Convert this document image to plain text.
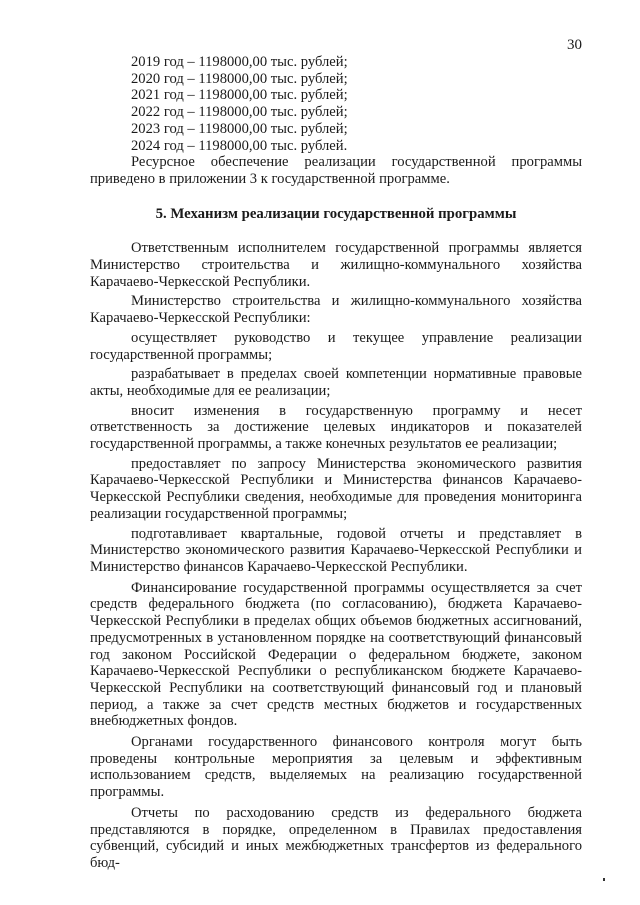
30
2019 год – 1198000,00 тыс. рублей;
2020 год – 1198000,00 тыс. рублей;
2021 год – 1198000,00 тыс. рублей;
2022 год – 1198000,00 тыс. рублей;
2023 год – 1198000,00 тыс. рублей;
2024 год – 1198000,00 тыс. рублей.

Ресурсное обеспечение реализации государственной программы приведено в приложении 3 к государственной программе.

5. Механизм реализации государственной программы

Ответственным исполнителем государственной программы является Министерство строительства и жилищно-коммунального хозяйства Карачаево-Черкесской Республики.

Министерство строительства и жилищно-коммунального хозяйства Карачаево-Черкесской Республики:

осуществляет руководство и текущее управление реализации государственной программы;

разрабатывает в пределах своей компетенции нормативные правовые акты, необходимые для ее реализации;

вносит изменения в государственную программу и несет ответственность за достижение целевых индикаторов и показателей государственной программы, а также конечных результатов ее реализации;

предоставляет по запросу Министерства экономического развития Карачаево-Черкесской Республики и Министерства финансов Карачаево-Черкесской Республики сведения, необходимые для проведения мониторинга реализации государственной программы;

подготавливает квартальные, годовой отчеты и представляет в Министерство экономического развития Карачаево-Черкесской Республики и Министерство финансов Карачаево-Черкесской Республики.

Финансирование государственной программы осуществляется за счет средств федерального бюджета (по согласованию), бюджета Карачаево-Черкесской Республики в пределах общих объемов бюджетных ассигнований, предусмотренных в установленном порядке на соответствующий финансовый год законом Российской Федерации о федеральном бюджете, законом Карачаево-Черкесской Республики о республиканском бюджете Карачаево-Черкесской Республики на соответствующий финансовый год и плановый период, а также за счет средств местных бюджетов и государственных внебюджетных фондов.

Органами государственного финансового контроля могут быть проведены контрольные мероприятия за целевым и эффективным использованием средств, выделяемых на реализацию государственной программы.

Отчеты по расходованию средств из федерального бюджета представляются в порядке, определенном в Правилах предоставления субвенций, субсидий и иных межбюджетных трансфертов из федерального бюд-
